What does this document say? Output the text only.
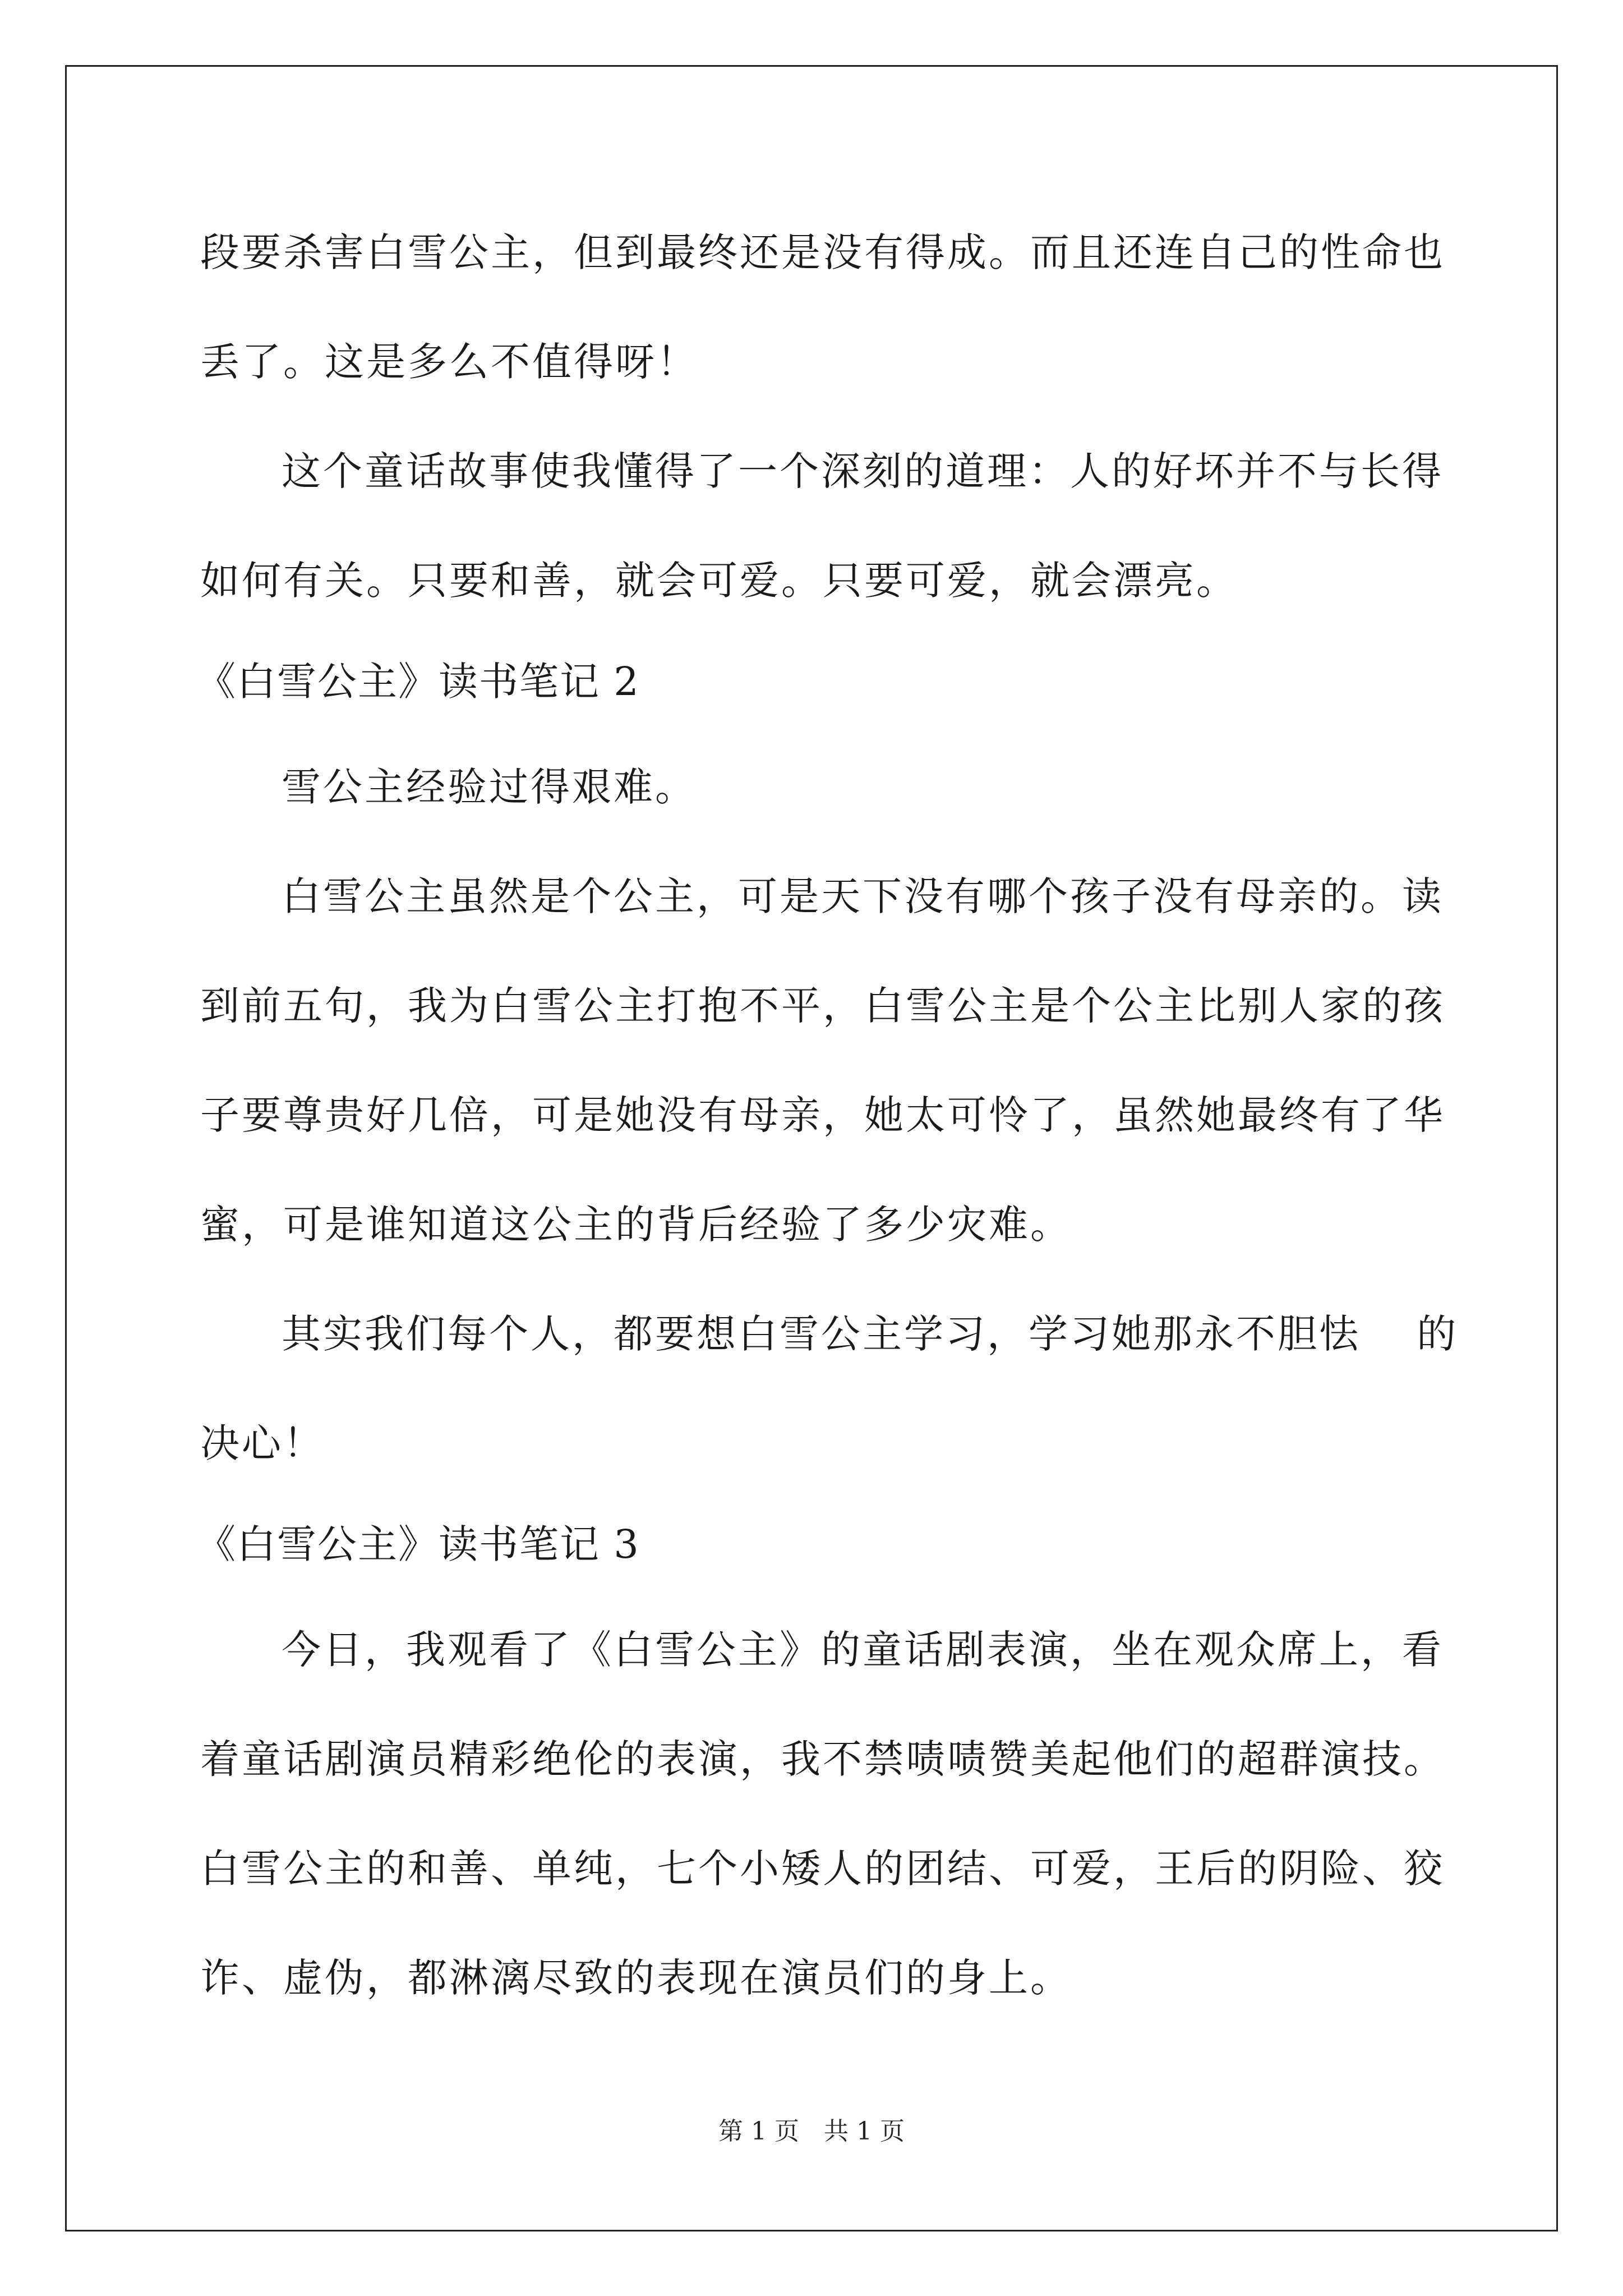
段要杀害白雪公主，但到最终还是没有得成。而且还连自己的性命也
丢了。这是多么不值得呀！
这个童话故事使我懂得了一个深刻的道理：人的好坏并不与长得
如何有关。只要和善，就会可爱。只要可爱，就会漂亮。
《白雪公主》读书笔记 2
雪公主经验过得艰难。
白雪公主虽然是个公主，可是天下没有哪个孩子没有母亲的。读
到前五句，我为白雪公主打抱不平，白雪公主是个公主比别人家的孩
子要尊贵好几倍，可是她没有母亲，她太可怜了，虽然她最终有了华
蜜，可是谁知道这公主的背后经验了多少灾难。
其实我们每个人，都要想白雪公主学习，学习她那永不胆怯　 的
决心！
《白雪公主》读书笔记 3
今日，我观看了《白雪公主》的童话剧表演，坐在观众席上，看
着童话剧演员精彩绝伦的表演，我不禁啧啧赞美起他们的超群演技。
白雪公主的和善、单纯，七个小矮人的团结、可爱，王后的阴险、狡
诈、虚伪，都淋漓尽致的表现在演员们的身上。
第 1 页　共 1 页
